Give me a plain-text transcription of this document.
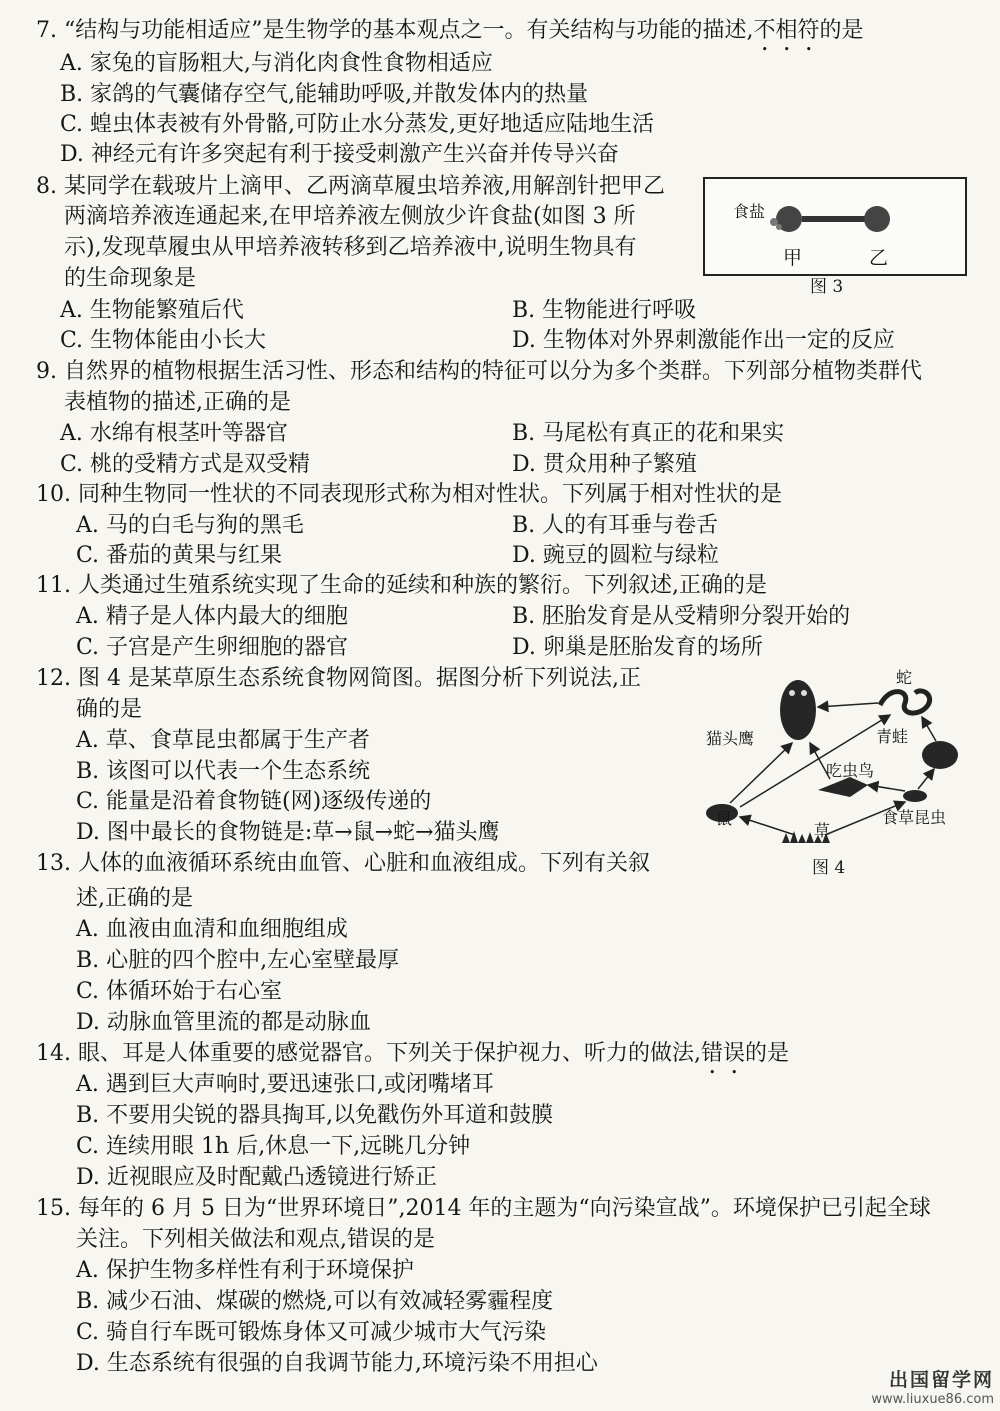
7. “结构与功能相适应”是生物学的基本观点之一。有关结构与功能的描述,不相符的是
A. 家兔的盲肠粗大,与消化肉食性食物相适应
B. 家鸽的气囊储存空气,能辅助呼吸,并散发体内的热量
C. 蝗虫体表被有外骨骼,可防止水分蒸发,更好地适应陆地生活
D. 神经元有许多突起有利于接受刺激产生兴奋并传导兴奋
8. 某同学在载玻片上滴甲、乙两滴草履虫培养液,用解剖针把甲乙
两滴培养液连通起来,在甲培养液左侧放少许食盐(如图 3 所
示),发现草履虫从甲培养液转移到乙培养液中,说明生物具有
的生命现象是
A. 生物能繁殖后代	B. 生物能进行呼吸
C. 生物体能由小长大	D. 生物体对外界刺激能作出一定的反应
食盐
甲	乙
图 3
9. 自然界的植物根据生活习性、形态和结构的特征可以分为多个类群。下列部分植物类群代
表植物的描述,正确的是
A. 水绵有根茎叶等器官	B. 马尾松有真正的花和果实
C. 桃的受精方式是双受精	D. 贯众用种子繁殖
10. 同种生物同一性状的不同表现形式称为相对性状。下列属于相对性状的是
A. 马的白毛与狗的黑毛	B. 人的有耳垂与卷舌
C. 番茄的黄果与红果	D. 豌豆的圆粒与绿粒
11. 人类通过生殖系统实现了生命的延续和种族的繁衍。下列叙述,正确的是
A. 精子是人体内最大的细胞	B. 胚胎发育是从受精卵分裂开始的
C. 子宫是产生卵细胞的器官	D. 卵巢是胚胎发育的场所
12. 图 4 是某草原生态系统食物网简图。据图分析下列说法,正
确的是
A. 草、食草昆虫都属于生产者
B. 该图可以代表一个生态系统
C. 能量是沿着食物链(网)逐级传递的
D. 图中最长的食物链是:草→鼠→蛇→猫头鹰
蛇
猫头鹰	青蛙
吃虫鸟
鼠
草
食草昆虫
图 4
13. 人体的血液循环系统由血管、心脏和血液组成。下列有关叙
述,正确的是
A. 血液由血清和血细胞组成
B. 心脏的四个腔中,左心室壁最厚
C. 体循环始于右心室
D. 动脉血管里流的都是动脉血
14. 眼、耳是人体重要的感觉器官。下列关于保护视力、听力的做法,错误的是
A. 遇到巨大声响时,要迅速张口,或闭嘴堵耳
B. 不要用尖锐的器具掏耳,以免戳伤外耳道和鼓膜
C. 连续用眼 1h 后,休息一下,远眺几分钟
D. 近视眼应及时配戴凸透镜进行矫正
15. 每年的 6 月 5 日为“世界环境日”,2014 年的主题为“向污染宣战”。环境保护已引起全球
关注。下列相关做法和观点,错误的是
A. 保护生物多样性有利于环境保护
B. 减少石油、煤碳的燃烧,可以有效减轻雾霾程度
C. 骑自行车既可锻炼身体又可减少城市大气污染
D. 生态系统有很强的自我调节能力,环境污染不用担心
出国留学网
www.liuxue86.com
